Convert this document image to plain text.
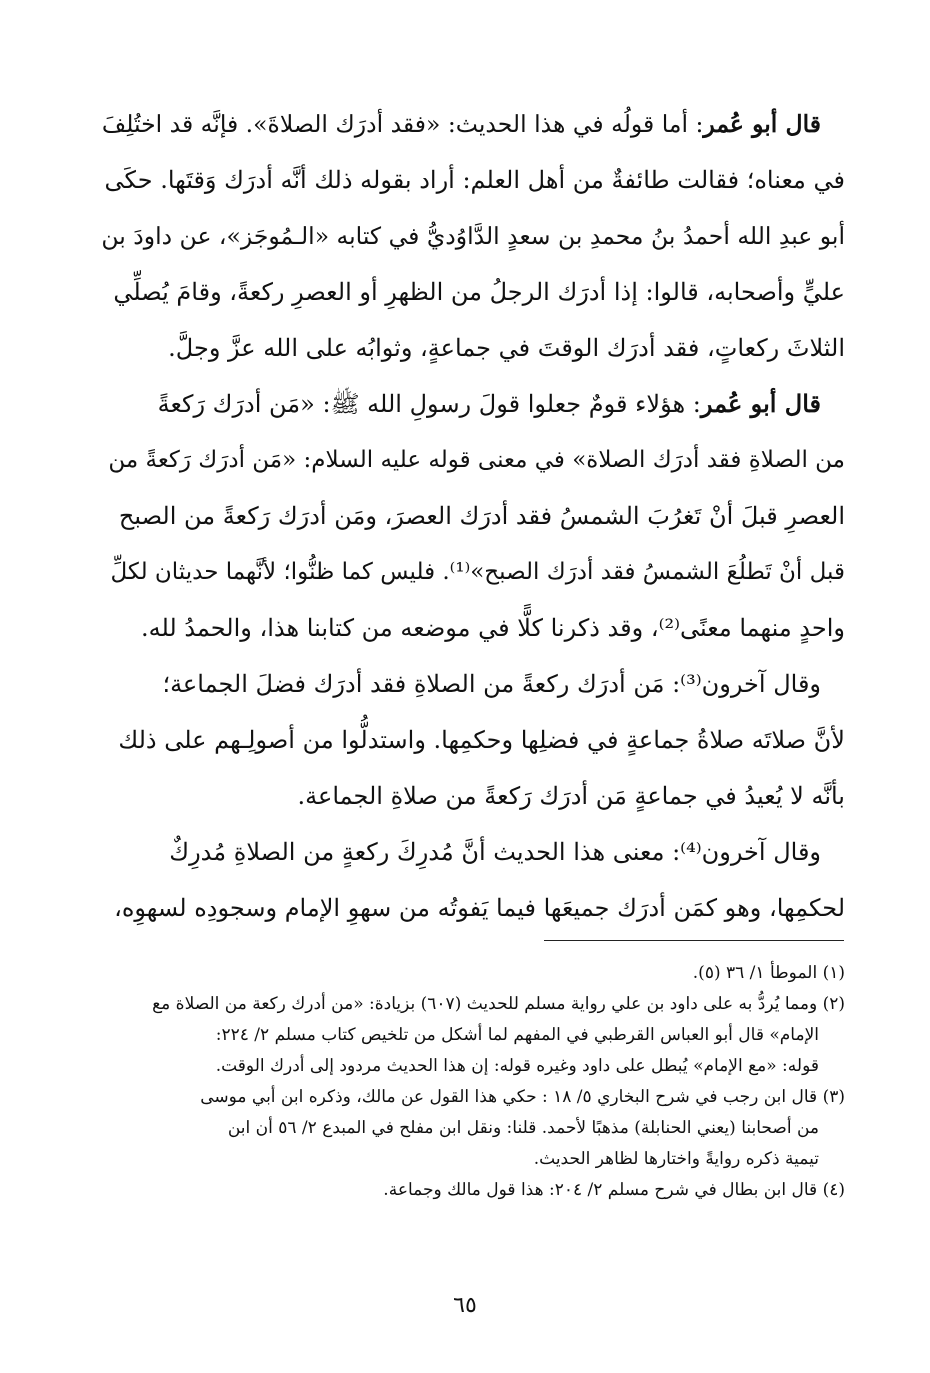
قال أبو عُمر: أما قولُه في هذا الحديث: «فقد أدرَك الصلاةَ». فإنَّه قد اختُلِفَ
في معناه؛ فقالت طائفةٌ من أهل العلم: أراد بقوله ذلك أنَّه أدرَك وَقتَها. حكَى
أبو عبدِ الله أحمدُ بنُ محمدِ بن سعدٍ الدَّاوُديُّ في كتابه «الـمُوجَز»، عن داودَ بن
عليٍّ وأصحابه، قالوا: إذا أدرَك الرجلُ من الظهرِ أو العصرِ ركعةً، وقامَ يُصلِّي
الثلاثَ ركعاتٍ، فقد أدرَك الوقتَ في جماعةٍ، وثوابُه على الله عزَّ وجلَّ.
قال أبو عُمر: هؤلاء قومٌ جعلوا قولَ رسولِ الله ﷺ: «مَن أدرَك رَكعةً
من الصلاةِ فقد أدرَك الصلاة» في معنى قوله عليه السلام: «مَن أدرَك رَكعةً من
العصرِ قبلَ أنْ تَغرُبَ الشمسُ فقد أدرَك العصرَ، ومَن أدرَك رَكعةً من الصبح
قبل أنْ تَطلُعَ الشمسُ فقد أدرَك الصبح»⁽¹⁾. فليس كما ظنُّوا؛ لأنَّهما حديثان لكلِّ
واحدٍ منهما معنًى⁽²⁾، وقد ذكرنا كلًّا في موضعه من كتابنا هذا، والحمدُ لله.
وقال آخرون⁽³⁾: مَن أدرَك ركعةً من الصلاةِ فقد أدرَك فضلَ الجماعة؛
لأنَّ صلاتَه صلاةُ جماعةٍ في فضلِها وحكمِها. واستدلُّوا من أصولِـهم على ذلك
بأنَّه لا يُعيدُ في جماعةٍ مَن أدرَك رَكعةً من صلاةِ الجماعة.
وقال آخرون⁽⁴⁾: معنى هذا الحديث أنَّ مُدرِكَ ركعةٍ من الصلاةِ مُدرِكٌ
لحكمِها، وهو كمَن أدرَك جميعَها فيما يَفوتُه من سهوِ الإمام وسجودِه لسهوِه،
(١) الموطأ ١/ ٣٦ (٥).
(٢) ومما يُردُّ به على داود بن علي رواية مسلم للحديث (٦٠٧) بزيادة: «من أدرك ركعة من الصلاة مع
الإمام» قال أبو العباس القرطبي في المفهم لما أشكل من تلخيص كتاب مسلم ٢/ ٢٢٤:
قوله: «مع الإمام» يُبطل على داود وغيره قوله: إن هذا الحديث مردود إلى أدرك الوقت.
(٣) قال ابن رجب في شرح البخاري ٥/ ١٨ : حكي هذا القول عن مالك، وذكره ابن أبي موسى
من أصحابنا (يعني الحنابلة) مذهبًا لأحمد. قلنا: ونقل ابن مفلح في المبدع ٢/ ٥٦ أن ابن
تيمية ذكره روايةً واختارها لظاهر الحديث.
(٤) قال ابن بطال في شرح مسلم ٢/ ٢٠٤: هذا قول مالك وجماعة.
٦٥
